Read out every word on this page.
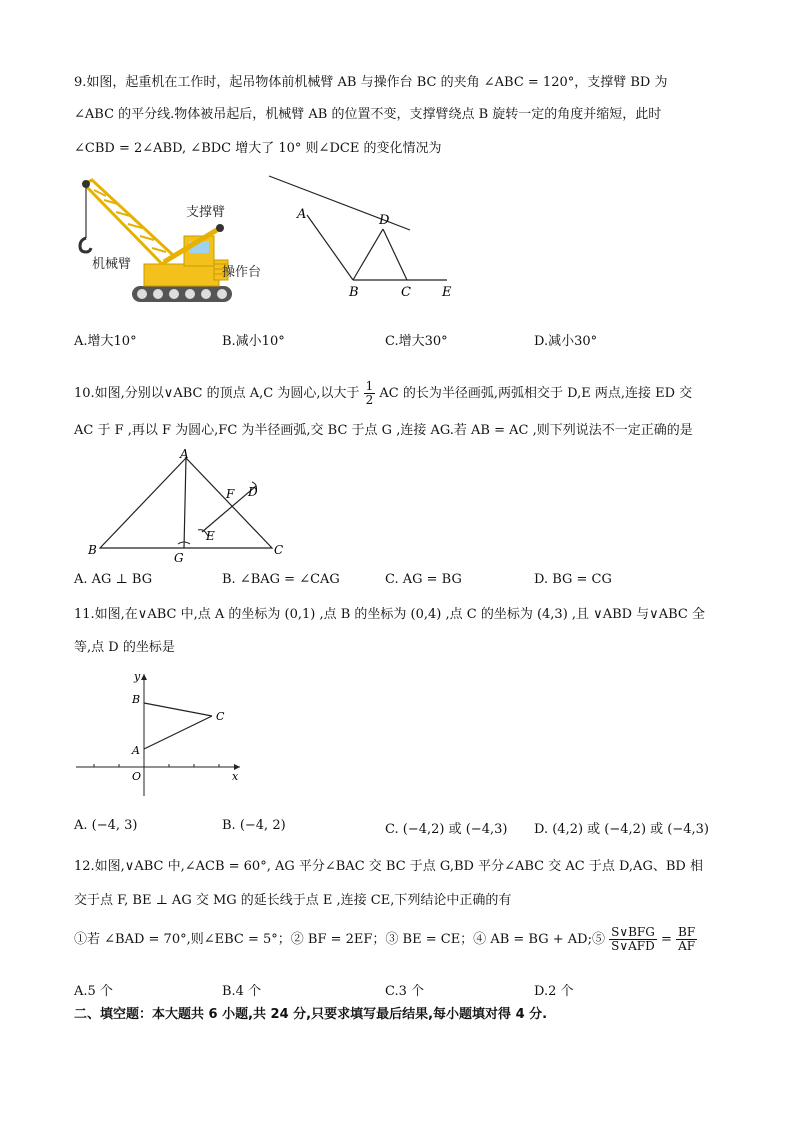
9.如图，起重机在工作时，起吊物体前机械臂 AB 与操作台 BC 的夹角 ∠ABC = 120°，支撑臂 BD 为
∠ABC 的平分线.物体被吊起后，机械臂 AB 的位置不变，支撑臂绕点 B 旋转一定的角度并缩短，此时
∠CBD = 2∠ABD, ∠BDC 增大了 10° 则∠DCE 的变化情况为
支撑臂
机械臂
操作台
A
B	C
D
E
A.增大10°	B.减小10°	C.增大30°	D.减小30°
10.如图,分别以∨ABC 的顶点 A,C 为圆心,以大于 $\frac{1}{2}$ AC 的长为半径画弧,两弧相交于 D,E 两点,连接 ED 交
AC 于 F ,再以 F 为圆心,FC 为半径画弧,交 BC 于点 G ,连接 AG.若 AB = AC ,则下列说法不一定正确的是
A
B	C
D
E
F
G
A. AG ⊥ BG	B. ∠BAG = ∠CAG	C. AG = BG	D. BG = CG
11.如图,在∨ABC 中,点 A 的坐标为 (0,1) ,点 B 的坐标为 (0,4) ,点 C 的坐标为 (4,3) ,且 ∨ABD 与∨ABC 全
等,点 D 的坐标是
y
x
O
A
B
C
A. (−4, 3)	B. (−4, 2)	C. (−4,2) 或 (−4,3) D. (4,2) 或 (−4,2) 或 (−4,3)
12.如图,∨ABC 中,∠ACB = 60°, AG 平分∠BAC 交 BC 于点 G,BD 平分∠ABC 交 AC 于点 D,AG、BD 相
交于点 F, BE ⊥ AG 交 MG 的延长线于点 E ,连接 CE,下列结论中正确的有
①若 ∠BAD = 70°,则∠EBC = 5°；② BF = 2EF；③ BE = CE；④ AB = BG + AD;⑤ $\frac{\text{S∨BFG}}{\text{S∨AFD}} = \frac{BF}{AF}$
A.5 个	B.4 个	C.3 个	D.2 个
二、填空题：本大题共 6 小题,共 24 分,只要求填写最后结果,每小题填对得 4 分.
